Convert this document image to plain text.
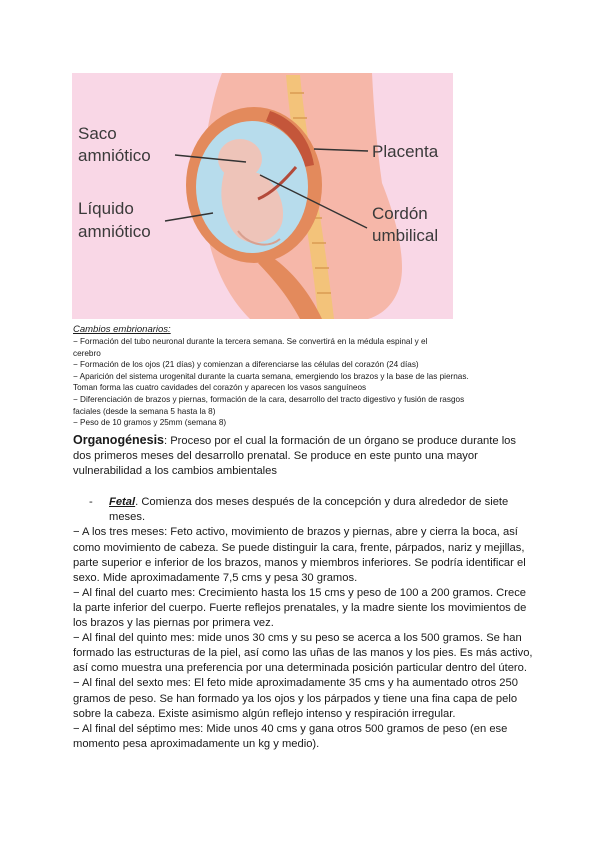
Saco
amniótico
Líquido
amniótico
Placenta
Cordón
umbilical
Cambios embrionarios:
− Formación del tubo neuronal durante la tercera semana. Se convertirá en la médula espinal y el
cerebro
− Formación de los ojos (21 días) y comienzan a diferenciarse las células del corazón (24 días)
− Aparición del sistema urogenital durante la cuarta semana, emergiendo los brazos y la base de las piernas.
Toman forma las cuatro cavidades del corazón y aparecen los vasos sanguíneos
− Diferenciación de brazos y piernas, formación de la cara, desarrollo del tracto digestivo y fusión de rasgos
faciales (desde la semana 5 hasta la 8)
− Peso de 10 gramos y 25mm (semana 8)

Organogénesis: Proceso por el cual la formación de un órgano se produce durante los dos primeros meses del desarrollo prenatal. Se produce en este punto una mayor vulnerabilidad a los cambios ambientales

- Fetal. Comienza dos meses después de la concepción y dura alrededor de siete meses.

− A los tres meses: Feto activo, movimiento de brazos y piernas, abre y cierra la boca, así como movimiento de cabeza. Se puede distinguir la cara, frente, párpados, nariz y mejillas, parte superior e inferior de los brazos, manos y miembros inferiores. Se podría identificar el sexo. Mide aproximadamente 7,5 cms y pesa 30 gramos.

− Al final del cuarto mes: Crecimiento hasta los 15 cms y peso de 100 a 200 gramos. Crece la parte inferior del cuerpo. Fuerte reflejos prenatales, y la madre siente los movimientos de los brazos y las piernas por primera vez.

− Al final del quinto mes: mide unos 30 cms y su peso se acerca a los 500 gramos. Se han formado las estructuras de la piel, así como las uñas de las manos y los pies. Es más activo, así como muestra una preferencia por una determinada posición particular dentro del útero.

− Al final del sexto mes: El feto mide aproximadamente 35 cms y ha aumentado otros 250 gramos de peso. Se han formado ya los ojos y los párpados y tiene una fina capa de pelo sobre la cabeza. Existe asimismo algún reflejo intenso y respiración irregular.

− Al final del séptimo mes: Mide unos 40 cms y gana otros 500 gramos de peso (en ese momento pesa aproximadamente un kg y medio).
